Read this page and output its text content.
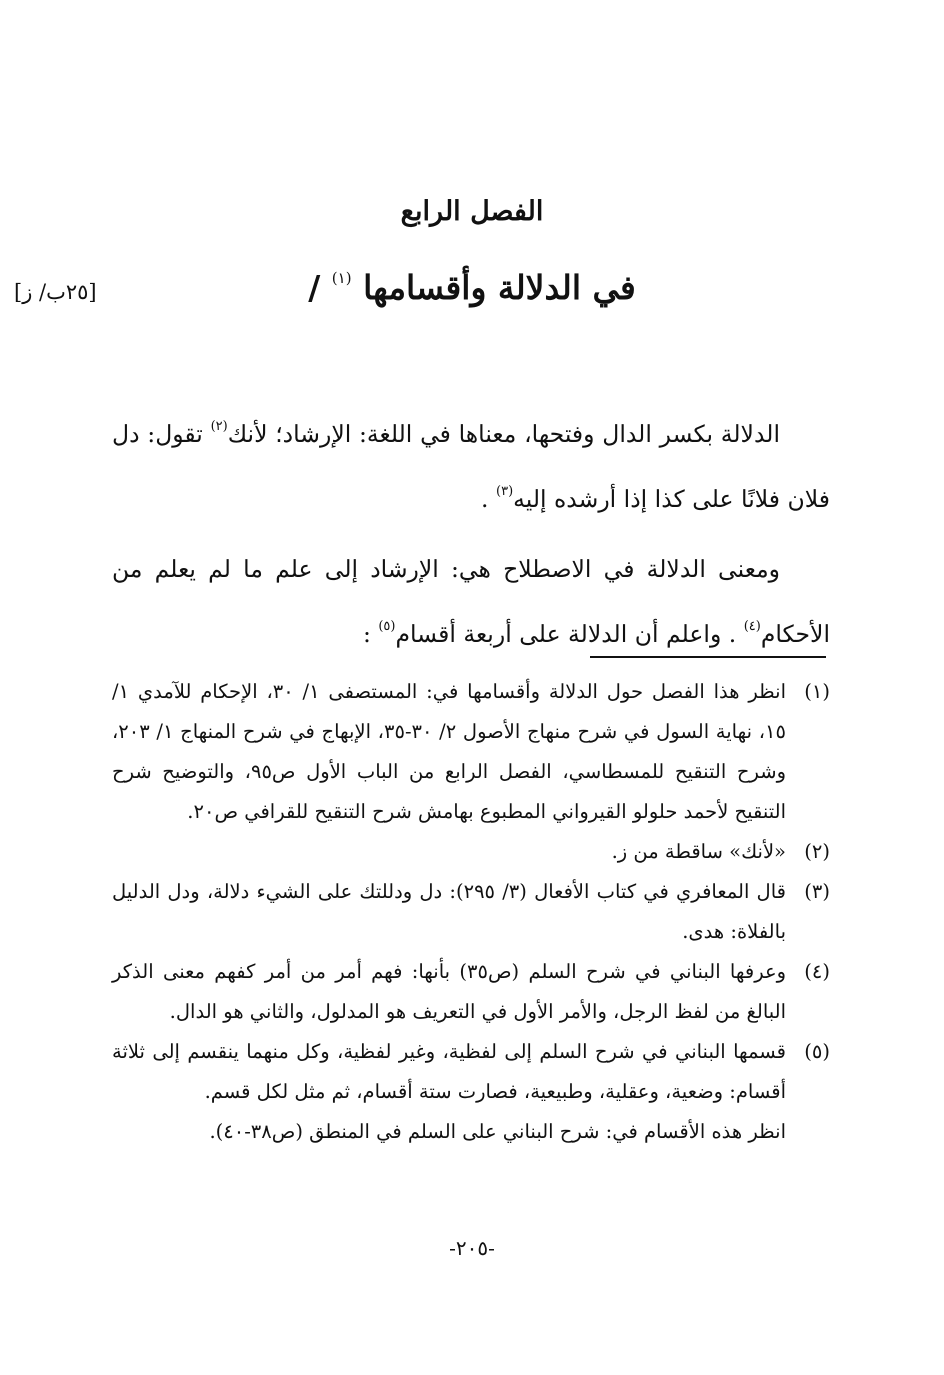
الفصل الرابع
في الدلالة وأقسامها $^{(١)}$ /
[٢٥ب/ ز]

الدلالة بكسر الدال وفتحها، معناها في اللغة: الإرشاد؛ لأنك$^{(٢)}$ تقول: دل فلان فلانًا على كذا إذا أرشده إليه$^{(٣)}$ .

ومعنى الدلالة في الاصطلاح هي: الإرشاد إلى علم ما لم يعلم من الأحكام$^{(٤)}$ . واعلم أن الدلالة على أربعة أقسام$^{(٥)}$ :

(١)
انظر هذا الفصل حول الدلالة وأقسامها في: المستصفى ١/ ٣٠، الإحكام للآمدي ١/ ١٥، نهاية السول في شرح منهاج الأصول ٢/ ٣٠-٣٥، الإبهاج في شرح المنهاج ١/ ٢٠٣، وشرح التنقيح للمسطاسي، الفصل الرابع من الباب الأول ص٩٥، والتوضيح شرح التنقيح لأحمد حلولو القيرواني المطبوع بهامش شرح التنقيح للقرافي ص٢٠.
(٢)
«لأنك» ساقطة من ز.
(٣)
قال المعافري في كتاب الأفعال (٣/ ٢٩٥): دل ودللتك على الشيء دلالة، ودل الدليل بالفلاة: هدى.
(٤)
وعرفها البناني في شرح السلم (ص٣٥) بأنها: فهم أمر من أمر كفهم معنى الذكر البالغ من لفظ الرجل، والأمر الأول في التعريف هو المدلول، والثاني هو الدال.
(٥)
قسمها البناني في شرح السلم إلى لفظية، وغير لفظية، وكل منهما ينقسم إلى ثلاثة أقسام: وضعية، وعقلية، وطبيعية، فصارت ستة أقسام، ثم مثل لكل قسم.
انظر هذه الأقسام في: شرح البناني على السلم في المنطق (ص٣٨-٤٠).
-٢٠٥-
